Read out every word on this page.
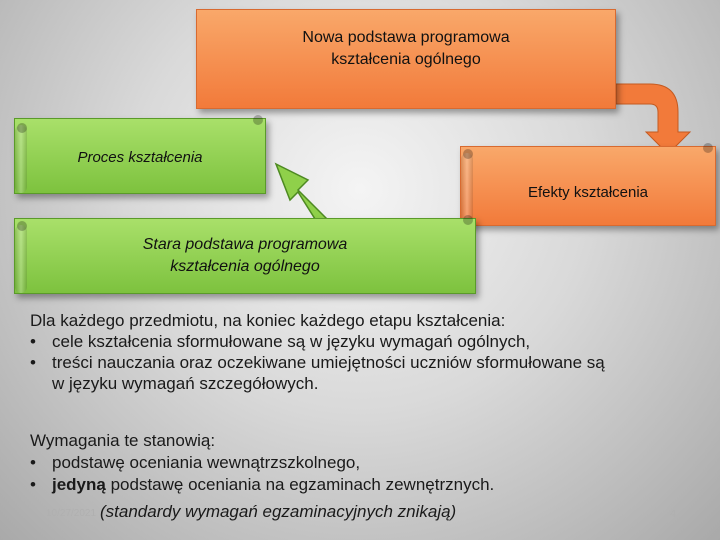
Nowa podstawa programowa kształcenia ogólnego
Proces kształcenia
Efekty kształcenia
Stara podstawa programowa kształcenia ogólnego
Dla każdego przedmiotu, na koniec każdego etapu kształcenia:
• cele kształcenia sformułowane są w języku wymagań ogólnych,
• treści nauczania oraz oczekiwane umiejętności uczniów sformułowane są
w języku wymagań szczegółowych.
Wymagania te stanowią:
• podstawę oceniania wewnątrzszkolnego,
• jedyną podstawę oceniania na egzaminach zewnętrznych.
10/27/2021 (standardy wymagań egzaminacyjnych znikają)	4
